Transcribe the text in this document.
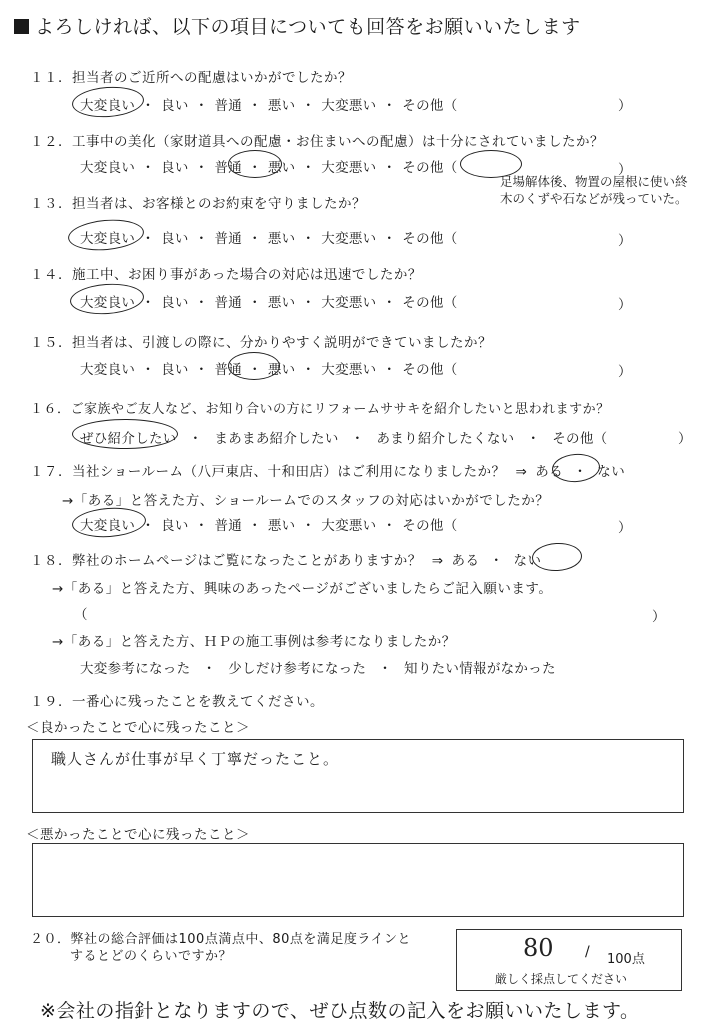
よろしければ、以下の項目についても回答をお願いいたします
１１．担当者のご近所への配慮はいかがでしたか？
大変良い ・ 良い ・ 普通 ・ 悪い ・ 大変悪い ・ その他（	）
１２．工事中の美化（家財道具への配慮・お住まいへの配慮）は十分にされていましたか？
大変良い ・ 良い ・ 普通 ・ 悪い ・ 大変悪い ・ その他（	）
足場解体後、物置の屋根に使い終
木のくずや石などが残っていた。
１３．担当者は、お客様とのお約束を守りましたか？
大変良い ・ 良い ・ 普通 ・ 悪い ・ 大変悪い ・ その他（	）
１４．施工中、お困り事があった場合の対応は迅速でしたか？
大変良い ・ 良い ・ 普通 ・ 悪い ・ 大変悪い ・ その他（	）
１５．担当者は、引渡しの際に、分かりやすく説明ができていましたか？
大変良い ・ 良い ・ 普通 ・ 悪い ・ 大変悪い ・ その他（	）
１６．ご家族やご友人など、お知り合いの方にリフォームササキを紹介したいと思われますか？
ぜひ紹介したい ・ まあまあ紹介したい ・ あまり紹介したくない ・ その他（	）
１７．当社ショールーム（八戸東店、十和田店）はご利用になりましたか？ ⇒ ある ・ ない
→「ある」と答えた方、ショールームでのスタッフの対応はいかがでしたか？
大変良い ・ 良い ・ 普通 ・ 悪い ・ 大変悪い ・ その他（	）
１８．弊社のホームページはご覧になったことがありますか？ ⇒ ある ・ ない
→「ある」と答えた方、興味のあったページがございましたらご記入願います。
（	）
→「ある」と答えた方、ＨＰの施工事例は参考になりましたか？
大変参考になった ・ 少しだけ参考になった ・ 知りたい情報がなかった
１９．一番心に残ったことを教えてください。
＜良かったことで心に残ったこと＞
職人さんが仕事が早く丁寧だったこと。
＜悪かったことで心に残ったこと＞
２０．弊社の総合評価は100点満点中、80点を満足度ラインと
するとどのくらいですか？	80 / 100点
厳しく採点してください
※会社の指針となりますので、ぜひ点数の記入をお願いいたします。
